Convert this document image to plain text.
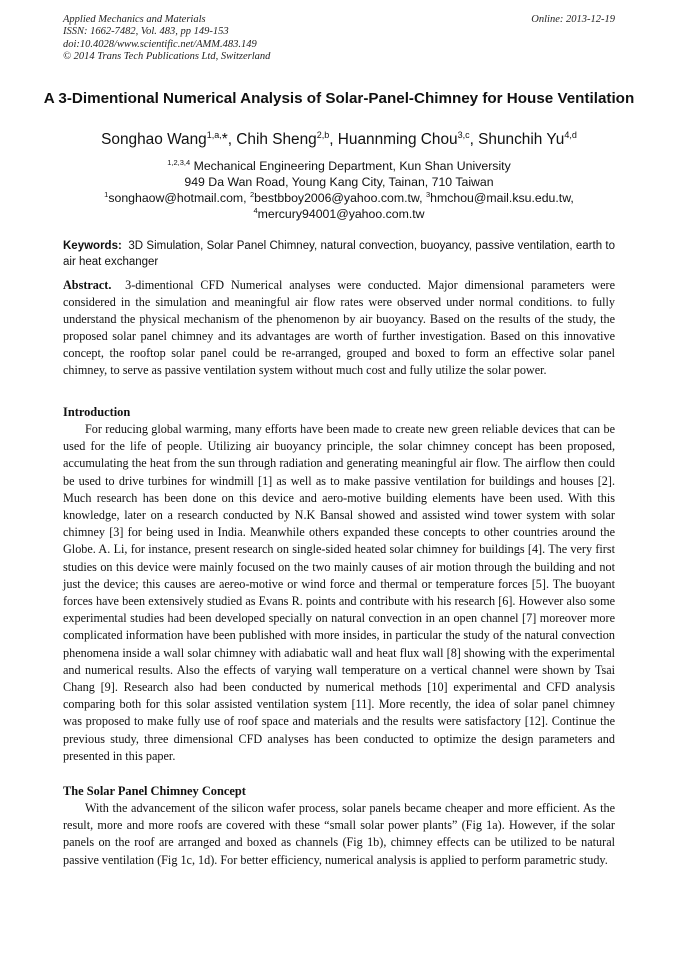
Applied Mechanics and Materials
ISSN: 1662-7482, Vol. 483, pp 149-153
doi:10.4028/www.scientific.net/AMM.483.149
© 2014 Trans Tech Publications Ltd, Switzerland
Online: 2013-12-19
A 3-Dimentional Numerical Analysis of Solar-Panel-Chimney for House Ventilation
Songhao Wang$^{1,a,}$*, Chih Sheng$^{2,b}$, Huannming Chou$^{3,c}$, Shunchih Yu$^{4,d}$
$^{1,2,3,4}$ Mechanical Engineering Department, Kun Shan University
949 Da Wan Road, Young Kang City, Tainan, 710 Taiwan
$^1$songhaow@hotmail.com, $^2$bestbboy2006@yahoo.com.tw, $^3$hmchou@mail.ksu.edu.tw,
$^4$mercury94001@yahoo.com.tw
Keywords: 3D Simulation, Solar Panel Chimney, natural convection, buoyancy, passive ventilation, earth to air heat exchanger
Abstract. 3-dimentional CFD Numerical analyses were conducted. Major dimensional parameters were considered in the simulation and meaningful air flow rates were observed under normal conditions. to fully understand the physical mechanism of the phenomenon by air buoyancy. Based on the results of the study, the proposed solar panel chimney and its advantages are worth of further investigation. Based on this innovative concept, the rooftop solar panel could be re-arranged, grouped and boxed to form an effective solar panel chimney, to serve as passive ventilation system without much cost and fully utilize the solar power.
Introduction
For reducing global warming, many efforts have been made to create new green reliable devices that can be used for the life of people. Utilizing air buoyancy principle, the solar chimney concept has been proposed, accumulating the heat from the sun through radiation and generating meaningful air flow. The airflow then could be used to drive turbines for windmill [1] as well as to make passive ventilation for buildings and houses [2]. Much research has been done on this device and aero-motive building elements have been used. With this knowledge, later on a research conducted by N.K Bansal showed and assisted wind tower system with solar chimney [3] for being used in India. Meanwhile others expanded these concepts to other countries around the Globe. A. Li, for instance, present research on single-sided heated solar chimney for buildings [4]. The very first studies on this device were mainly focused on the two mainly causes of air motion through the building and not just the device; this causes are aereo-motive or wind force and thermal or temperature forces [5]. The buoyant forces have been extensively studied as Evans R. points and contribute with his research [6]. However also some experimental studies had been developed specially on natural convection in an open channel [7] moreover more complicated information have been published with more insides, in particular the study of the natural convection phenomena inside a wall solar chimney with adiabatic wall and heat flux wall [8] showing with the experimental and numerical results. Also the effects of varying wall temperature on a vertical channel were shown by Tsai Chang [9]. Research also had been conducted by numerical methods [10] experimental and CFD analysis comparing both for this solar assisted ventilation system [11]. More recently, the idea of solar panel chimney was proposed to make fully use of roof space and materials and the results were satisfactory [12]. Continue the previous study, three dimensional CFD analyses has been conducted to optimize the design parameters and presented in this paper.
The Solar Panel Chimney Concept
With the advancement of the silicon wafer process, solar panels became cheaper and more efficient. As the result, more and more roofs are covered with these “small solar power plants” (Fig 1a). However, if the solar panels on the roof are arranged and boxed as channels (Fig 1b), chimney effects can be utilized to be natural passive ventilation (Fig 1c, 1d). For better efficiency, numerical analysis is applied to perform parametric study.
